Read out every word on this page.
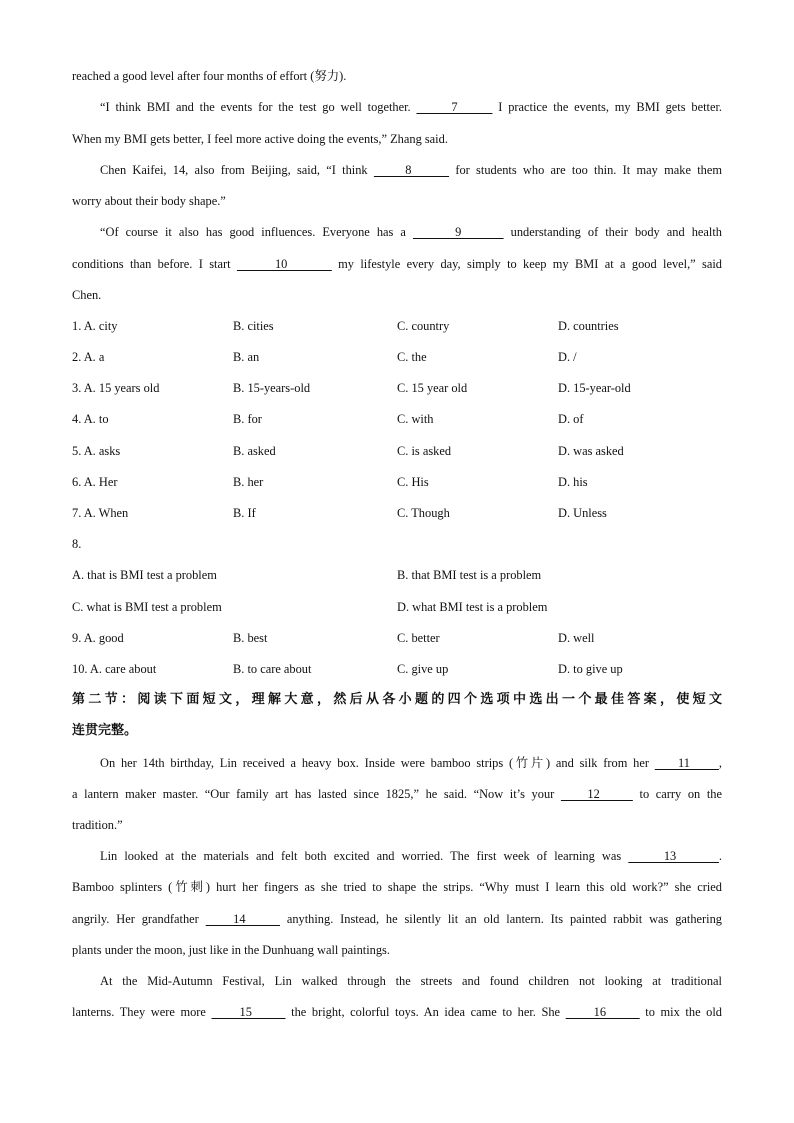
reached a good level after four months of effort (努力).
“I think BMI and the events for the test go well together.       7       I practice the events, my BMI gets better.
When my BMI gets better, I feel more active doing the events,” Zhang said.
Chen Kaifei, 14, also from Beijing, said, “I think      8       for students who are too thin. It may make them
worry about their body shape.”
“Of course it also has good influences. Everyone has a       9       understanding of their body and health
conditions than before. I start       10        my lifestyle every day, simply to keep my BMI at a good level,” said
Chen.
1. A. city	B. cities	C. country	D. countries
2. A. a	B. an	C. the	D. /
3. A. 15 years old	B. 15-years-old	C. 15 year old	D. 15-year-old
4. A. to	B. for	C. with	D. of
5. A. asks	B. asked	C. is asked	D. was asked
6. A. Her	B. her	C. His	D. his
7. A. When	B. If	C. Though	D. Unless
8.
A. that is BMI test a problem	B. that BMI test is a problem
C. what is BMI test a problem	D. what BMI test is a problem
9. A. good	B. best	C. better	D. well
10. A. care about	B. to care about	C. give up	D. to give up
第二节：阅读下面短文，理解大意，然后从各小题的四个选项中选出一个最佳答案，使短文
连贯完整。
On her 14th birthday, Lin received a heavy box. Inside were bamboo strips (竹片) and silk from her     11     ,
a lantern maker master. “Our family art has lasted since 1825,” he said. “Now it’s your     12      to carry on the
tradition.”
Lin looked at the materials and felt both excited and worried. The first week of learning was      13      .
Bamboo splinters (竹刺) hurt her fingers as she tried to shape the strips. “Why must I learn this old work?” she cried
angrily. Her grandfather     14      anything. Instead, he silently lit an old lantern. Its painted rabbit was gathering
plants under the moon, just like in the Dunhuang wall paintings.
At the Mid-Autumn Festival, Lin walked through the streets and found children not looking at traditional
lanterns. They were more      15       the bright, colorful toys. An idea came to her. She      16       to mix the old
